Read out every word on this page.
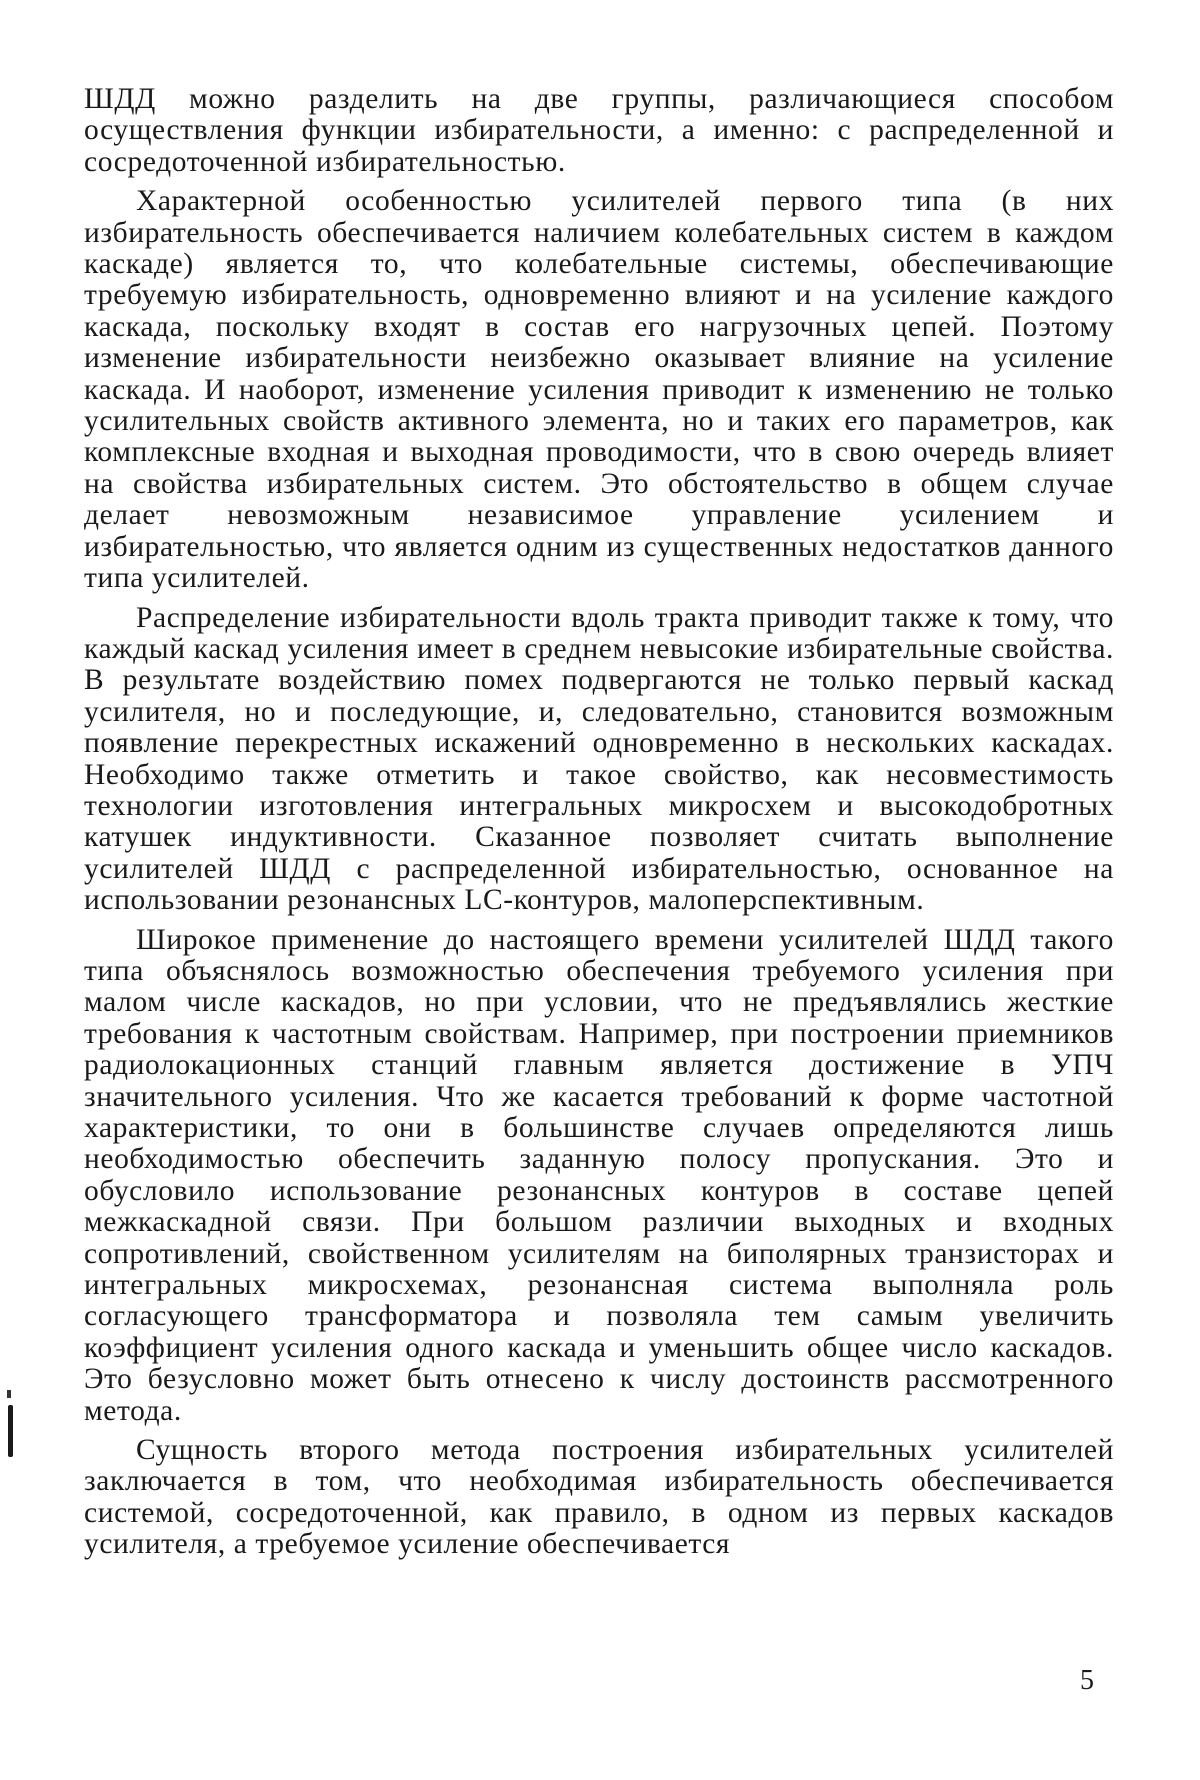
ШДД можно разделить на две группы, различающиеся способом осуществления функции избирательности, а именно: с распределенной и сосредоточенной избирательностью.

Характерной особенностью усилителей первого типа (в них избирательность обеспечивается наличием колебательных систем в каждом каскаде) является то, что колебательные системы, обеспечивающие требуемую избирательность, одновременно влияют и на усиление каждого каскада, поскольку входят в состав его нагрузочных цепей. Поэтому изменение избирательности неизбежно оказывает влияние на усиление каскада. И наоборот, изменение усиления приводит к изменению не только усилительных свойств активного элемента, но и таких его параметров, как комплексные входная и выходная проводимости, что в свою очередь влияет на свойства избирательных систем. Это обстоятельство в общем случае делает невозможным независимое управление усилением и избирательностью, что является одним из существенных недостатков данного типа усилителей.

Распределение избирательности вдоль тракта приводит также к тому, что каждый каскад усиления имеет в среднем невысокие избирательные свойства. В результате воздействию помех подвергаются не только первый каскад усилителя, но и последующие, и, следовательно, становится возможным появление перекрестных искажений одновременно в нескольких каскадах. Необходимо также отметить и такое свойство, как несовместимость технологии изготовления интегральных микросхем и высокодобротных катушек индуктивности. Сказанное позволяет считать выполнение усилителей ШДД с распределенной избирательностью, основанное на использовании резонансных LC-контуров, малоперспективным.

Широкое применение до настоящего времени усилителей ШДД такого типа объяснялось возможностью обеспечения требуемого усиления при малом числе каскадов, но при условии, что не предъявлялись жесткие требования к частотным свойствам. Например, при построении приемников радиолокационных станций главным является достижение в УПЧ значительного усиления. Что же касается требований к форме частотной характеристики, то они в большинстве случаев определяются лишь необходимостью обеспечить заданную полосу пропускания. Это и обусловило использование резонансных контуров в составе цепей межкаскадной связи. При большом различии выходных и входных сопротивлений, свойственном усилителям на биполярных транзисторах и интегральных микросхемах, резонансная система выполняла роль согласующего трансформатора и позволяла тем самым увеличить коэффициент усиления одного каскада и уменьшить общее число каскадов. Это безусловно может быть отнесено к числу достоинств рассмотренного метода.

Сущность второго метода построения избирательных усилителей заключается в том, что необходимая избирательность обеспечивается системой, сосредоточенной, как правило, в одном из первых каскадов усилителя, а требуемое усиление обеспечивается

5
